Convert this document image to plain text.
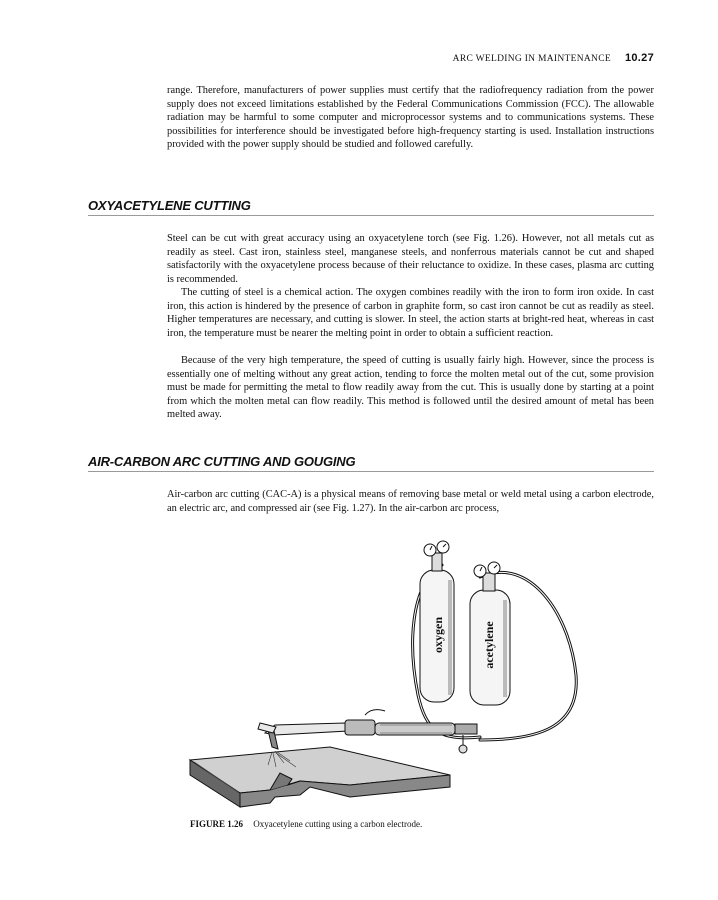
ARC WELDING IN MAINTENANCE 10.27

range. Therefore, manufacturers of power supplies must certify that the radiofrequency radiation from the power supply does not exceed limitations established by the Federal Communications Commission (FCC). The allowable radiation may be harmful to some computer and microprocessor systems and to communications systems. These possibilities for interference should be investigated before high-frequency starting is used. Installation instructions provided with the power supply should be studied and followed carefully.

OXYACETYLENE CUTTING

Steel can be cut with great accuracy using an oxyacetylene torch (see Fig. 1.26). However, not all metals cut as readily as steel. Cast iron, stainless steel, manganese steels, and nonferrous materials cannot be cut and shaped satisfactorily with the oxyacetylene process because of their reluctance to oxidize. In these cases, plasma arc cutting is recommended.

The cutting of steel is a chemical action. The oxygen combines readily with the iron to form iron oxide. In cast iron, this action is hindered by the presence of carbon in graphite form, so cast iron cannot be cut as readily as steel. Higher temperatures are necessary, and cutting is slower. In steel, the action starts at bright-red heat, whereas in cast iron, the temperature must be nearer the melting point in order to obtain a sufficient reaction.

Because of the very high temperature, the speed of cutting is usually fairly high. However, since the process is essentially one of melting without any great action, tending to force the molten metal out of the cut, some provision must be made for permitting the metal to flow readily away from the cut. This is usually done by starting at a point from which the molten metal can flow readily. This method is followed until the desired amount of metal has been melted away.

AIR-CARBON ARC CUTTING AND GOUGING

Air-carbon arc cutting (CAC-A) is a physical means of removing base metal or weld metal using a carbon electrode, an electric arc, and compressed air (see Fig. 1.27). In the air-carbon arc process,

oxygen	acetylene
FIGURE 1.26 Oxyacetylene cutting using a carbon electrode.
